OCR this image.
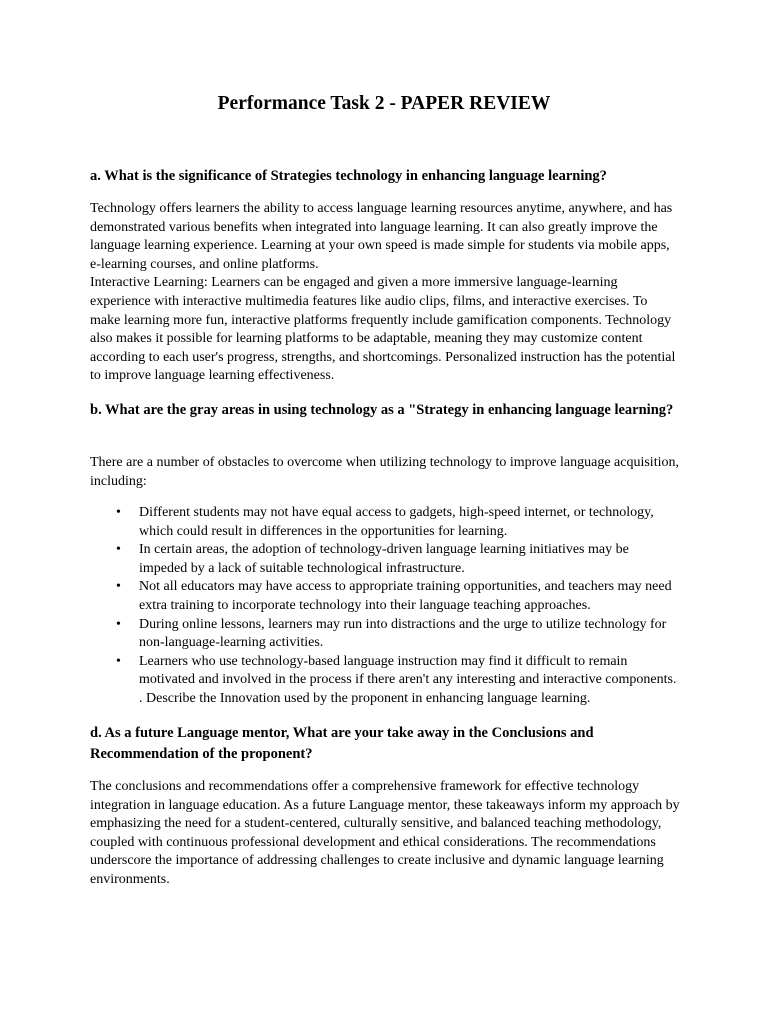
Performance Task 2 - PAPER REVIEW

a. What is the significance of Strategies technology in enhancing language learning?

Technology offers learners the ability to access language learning resources anytime, anywhere, and has demonstrated various benefits when integrated into language learning. It can also greatly improve the language learning experience. Learning at your own speed is made simple for students via mobile apps, e-learning courses, and online platforms.

Interactive Learning: Learners can be engaged and given a more immersive language-learning experience with interactive multimedia features like audio clips, films, and interactive exercises. To make learning more fun, interactive platforms frequently include gamification components. Technology also makes it possible for learning platforms to be adaptable, meaning they may customize content according to each user's progress, strengths, and shortcomings. Personalized instruction has the potential to improve language learning effectiveness.

b. What are the gray areas in using technology as a "Strategy in enhancing language learning?

There are a number of obstacles to overcome when utilizing technology to improve language acquisition, including:

• Different students may not have equal access to gadgets, high-speed internet, or technology, which could result in differences in the opportunities for learning.
• In certain areas, the adoption of technology-driven language learning initiatives may be impeded by a lack of suitable technological infrastructure.
• Not all educators may have access to appropriate training opportunities, and teachers may need extra training to incorporate technology into their language teaching approaches.
• During online lessons, learners may run into distractions and the urge to utilize technology for non-language-learning activities.
• Learners who use technology-based language instruction may find it difficult to remain motivated and involved in the process if there aren't any interesting and interactive components.
. Describe the Innovation used by the proponent in enhancing language learning.

d. As a future Language mentor, What are your take away in the Conclusions and Recommendation of the proponent?

The conclusions and recommendations offer a comprehensive framework for effective technology integration in language education. As a future Language mentor, these takeaways inform my approach by emphasizing the need for a student-centered, culturally sensitive, and balanced teaching methodology, coupled with continuous professional development and ethical considerations. The recommendations underscore the importance of addressing challenges to create inclusive and dynamic language learning environments.
